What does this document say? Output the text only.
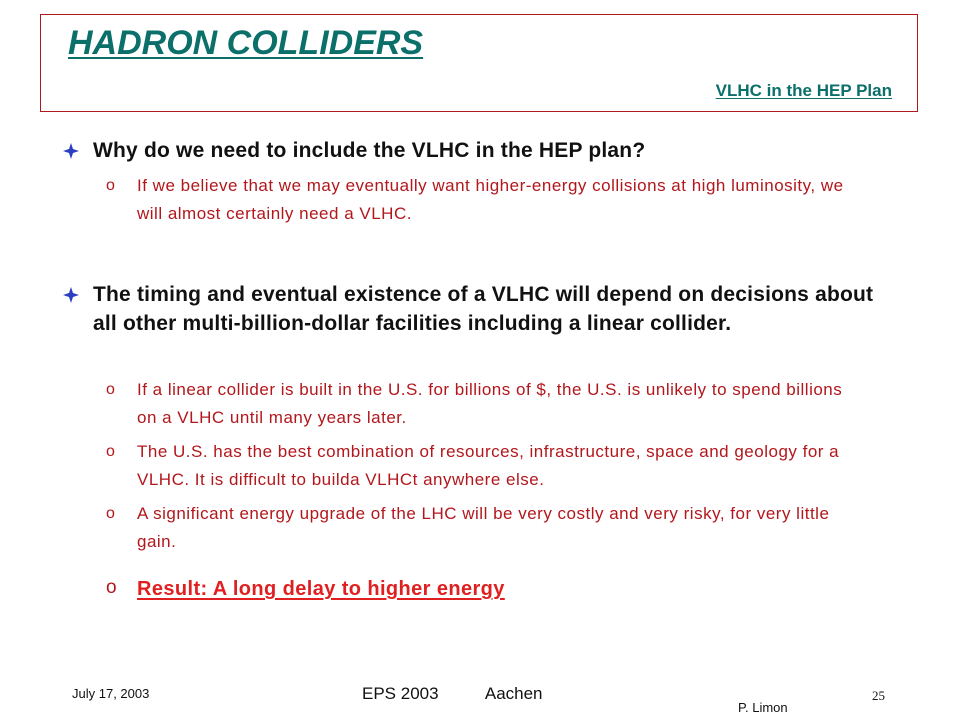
HADRON COLLIDERS
VLHC in the HEP Plan
Why do we need to include the VLHC in the HEP plan?
o If we believe that we may eventually want higher-energy collisions at high luminosity, we will almost certainly need a VLHC.
The timing and eventual existence of a VLHC will depend on decisions about all other multi-billion-dollar facilities including a linear collider.
o If a linear collider is built in the U.S. for billions of $, the U.S. is unlikely to spend billions on a VLHC until many years later.
o The U.S. has the best combination of resources, infrastructure, space and geology for a VLHC. It is difficult to builda VLHCt anywhere else.
o A significant energy upgrade of the LHC will be very costly and very risky, for very little gain.
o Result: A long delay to higher energy
July 17, 2003	EPS 2003          Aachen
P. Limon
25
